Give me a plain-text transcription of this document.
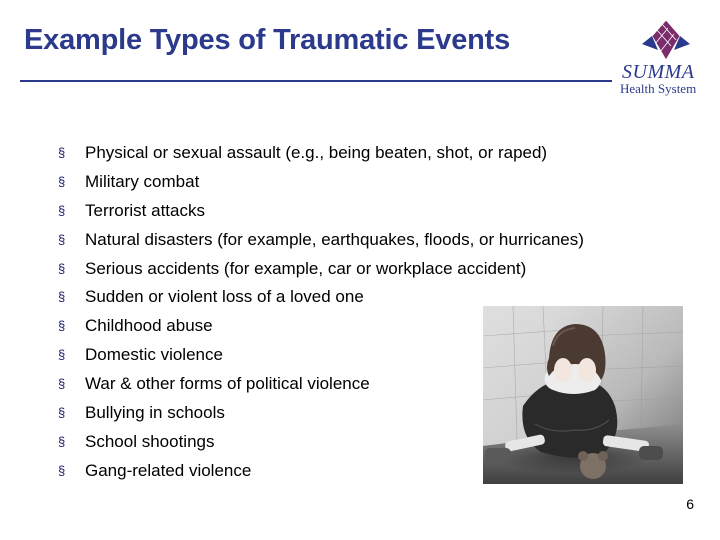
Example Types of Traumatic Events
SUMMA
Health System
§ Physical or sexual assault (e.g., being beaten, shot, or raped)
§ Military combat
§ Terrorist attacks
§ Natural disasters (for example, earthquakes, floods, or hurricanes)
§ Serious accidents (for example, car or workplace accident)
§ Sudden or violent loss of a loved one
§ Childhood abuse
§ Domestic violence
§ War & other forms of political violence
§ Bullying in schools
§ School shootings
§ Gang-related violence
6
